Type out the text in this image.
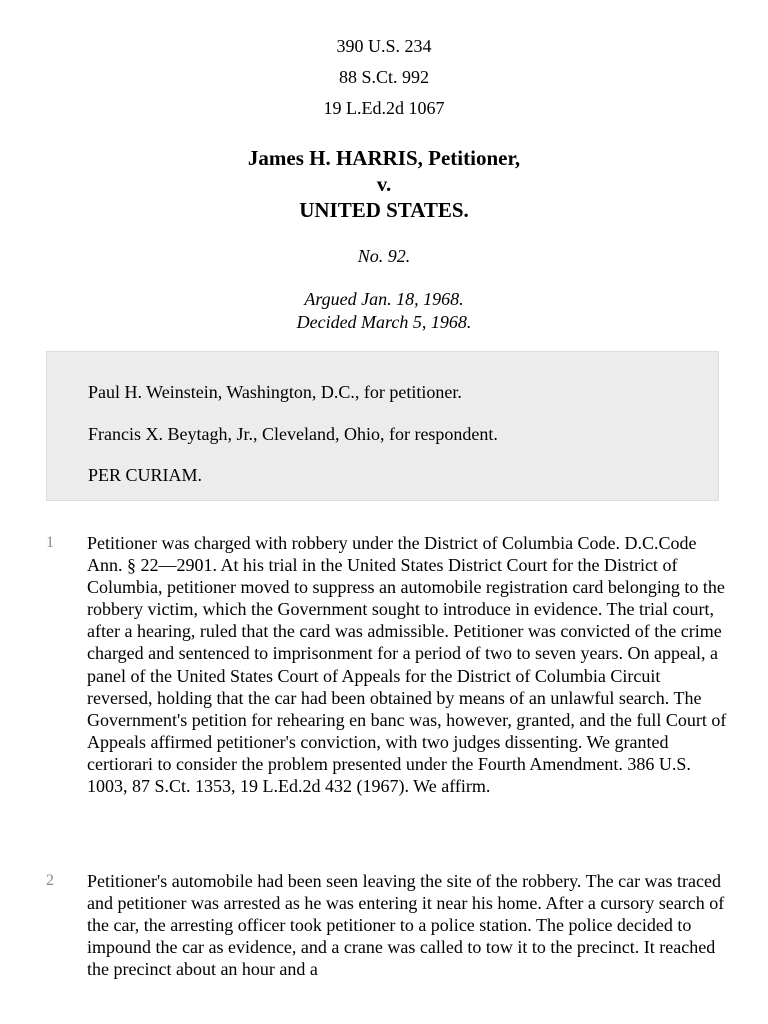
390 U.S. 234
88 S.Ct. 992
19 L.Ed.2d 1067
James H. HARRIS, Petitioner,
v.
UNITED STATES.
No. 92.
Argued Jan. 18, 1968.
Decided March 5, 1968.
Paul H. Weinstein, Washington, D.C., for petitioner.
Francis X. Beytagh, Jr., Cleveland, Ohio, for respondent.
PER CURIAM.
1 Petitioner was charged with robbery under the District of Columbia Code. D.C.Code Ann. § 22—2901. At his trial in the United States District Court for the District of Columbia, petitioner moved to suppress an automobile registration card belonging to the robbery victim, which the Government sought to introduce in evidence. The trial court, after a hearing, ruled that the card was admissible. Petitioner was convicted of the crime charged and sentenced to imprisonment for a period of two to seven years. On appeal, a panel of the United States Court of Appeals for the District of Columbia Circuit reversed, holding that the car had been obtained by means of an unlawful search. The Government's petition for rehearing en banc was, however, granted, and the full Court of Appeals affirmed petitioner's conviction, with two judges dissenting. We granted certiorari to consider the problem presented under the Fourth Amendment. 386 U.S. 1003, 87 S.Ct. 1353, 19 L.Ed.2d 432 (1967). We affirm.
2 Petitioner's automobile had been seen leaving the site of the robbery. The car was traced and petitioner was arrested as he was entering it near his home. After a cursory search of the car, the arresting officer took petitioner to a police station. The police decided to impound the car as evidence, and a crane was called to tow it to the precinct. It reached the precinct about an hour and a
